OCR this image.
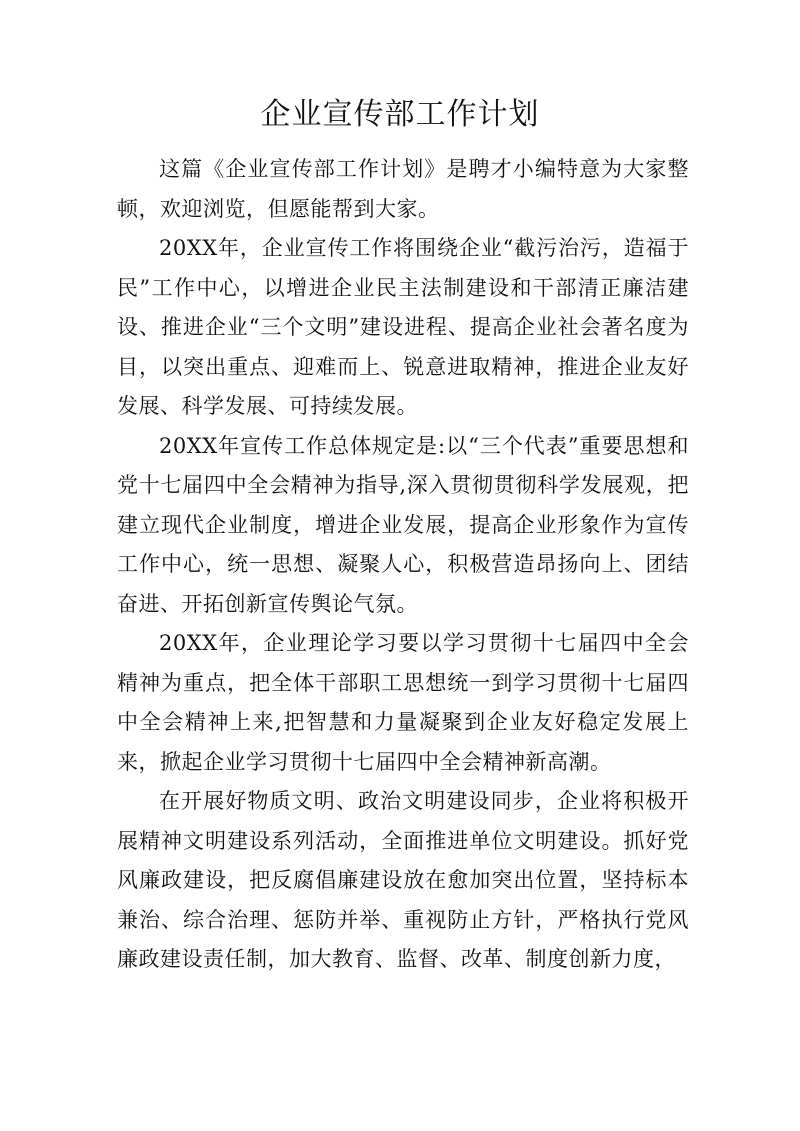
企业宣传部工作计划

这篇《企业宣传部工作计划》是聘才小编特意为大家整顿，欢迎浏览，但愿能帮到大家。

20XX年，企业宣传工作将围绕企业“截污治污，造福于民”工作中心，以增进企业民主法制建设和干部清正廉洁建设、推进企业“三个文明”建设进程、提高企业社会著名度为目，以突出重点、迎难而上、锐意进取精神，推进企业友好发展、科学发展、可持续发展。

20XX年宣传工作总体规定是:以“三个代表”重要思想和党十七届四中全会精神为指导,深入贯彻贯彻科学发展观，把建立现代企业制度，增进企业发展，提高企业形象作为宣传工作中心，统一思想、凝聚人心，积极营造昂扬向上、团结奋进、开拓创新宣传舆论气氛。

20XX年，企业理论学习要以学习贯彻十七届四中全会精神为重点，把全体干部职工思想统一到学习贯彻十七届四中全会精神上来,把智慧和力量凝聚到企业友好稳定发展上来，掀起企业学习贯彻十七届四中全会精神新高潮。

在开展好物质文明、政治文明建设同步，企业将积极开展精神文明建设系列活动，全面推进单位文明建设。抓好党风廉政建设，把反腐倡廉建设放在愈加突出位置，坚持标本兼治、综合治理、惩防并举、重视防止方针，严格执行党风廉政建设责任制，加大教育、监督、改革、制度创新力度，
